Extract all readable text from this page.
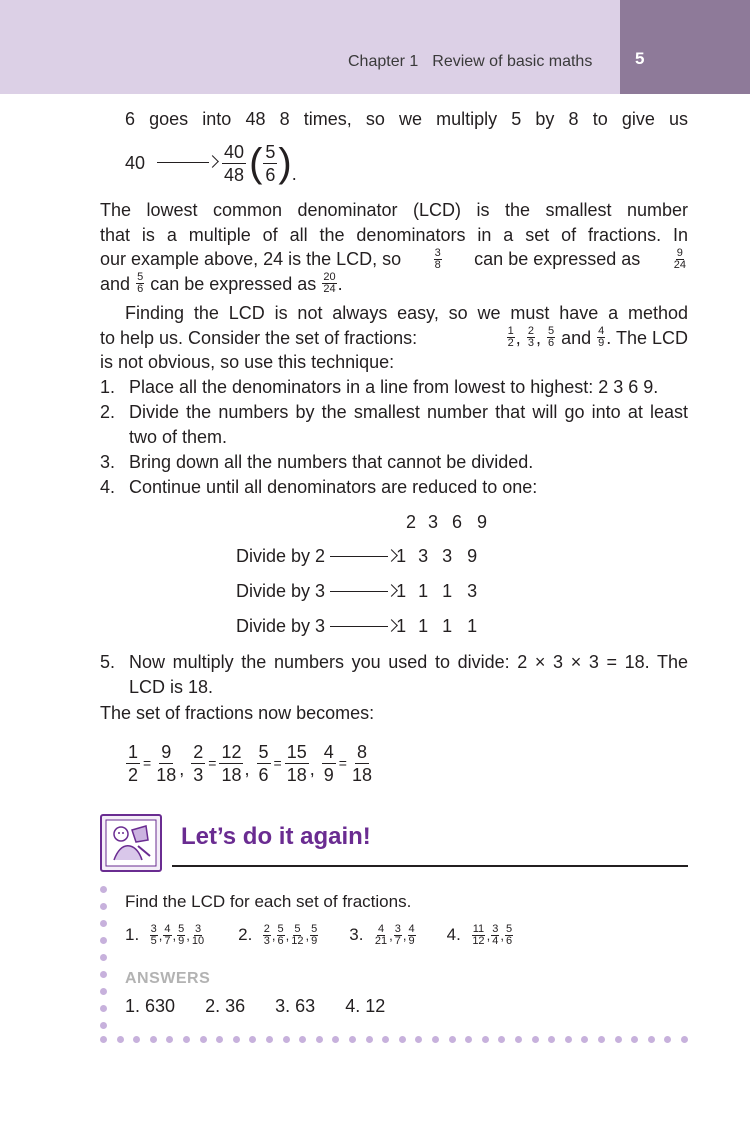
Chapter 1 Review of basic maths	5
6 goes into 48 8 times, so we multiply 5 by 8 to give us
40	$\frac{40}{48}$ ( $\frac{5}{6}$ ) .
The lowest common denominator (LCD) is the smallest number
that is a multiple of all the denominators in a set of fractions. In
our example above, 24 is the LCD, so	$\frac{3}{8}$ can be expressed as	$\frac{9}{24}$
and
$\frac{5}{6}$
can be expressed as
$\frac{20}{24}$ .
Finding the LCD is not always easy, so we must have a method
to help us. Consider the set of fractions:	$\frac{1}{2}$ ,
$\frac{2}{3}$ ,
$\frac{5}{6}$
and
$\frac{4}{9}$ . The LCD
is not obvious, so use this technique:
1. Place all the denominators in a line from lowest to highest: 2 3 6 9.
2. Divide the numbers by the smallest number that will go into at least two of them.
3. Bring down all the numbers that cannot be divided.
4. Continue until all denominators are reduced to one:
2 3 6 9
Divide by 2	1 3 3 9
Divide by 3	1 1 1 3
Divide by 3	1 1 1 1
5. Now multiply the numbers you used to divide: 2 × 3 × 3 = 18. The LCD is 18.
The set of fractions now becomes:
$\frac{1}{2} = \frac{9}{18}$ , $\frac{2}{3} = \frac{12}{18}$ , $\frac{5}{6} = \frac{15}{18}$ , $\frac{4}{9} = \frac{8}{18}$
Let’s do it again!
Find the LCD for each set of fractions.
1.
$\frac{3}{5}$ , $\frac{4}{7}$ , $\frac{5}{9}$ , $\frac{3}{10} 2$.
$\frac{2}{3}$ , $\frac{5}{6}$ , $\frac{5}{12}$ , $\frac{5}{9} 3$.
$\frac{4}{21}$ , $\frac{3}{7}$ , $\frac{4}{9} 4$.
$\frac{11}{12}$ , $\frac{3}{4}$ , $\frac{5}{6}$
ANSWERS
1. 630 2. 36 3. 63 4. 12
